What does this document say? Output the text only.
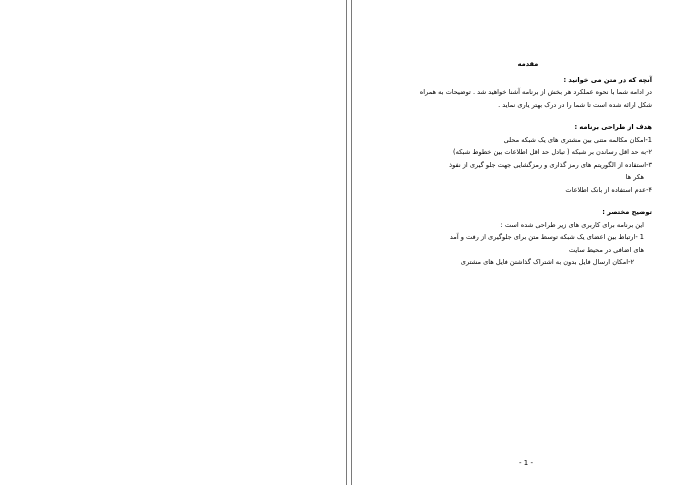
مقدمه

آنچه که در متن می خوانید :

در ادامه شما با نحوه عملکرد هر بخش از برنامه آشنا خواهید شد . توضیحات به همراه

شکل ارائه شده است تا شما را در درک بهتر یاری نماید .

هدف از طراحی برنامه :

1-امکان مکالمه متنی بین مشتری های یک شبکه محلی

۲-به حد اقل رساندن بر شبکه ( تبادل حد اقل اطلاعات بین خطوط شبکه)

۳-استفاده از الگوریتم های رمز گذاری و رمزگشایی جهت جلو گیری از نفوذ

هکر ها

۴-عدم استفاده از بانک اطلاعات

توضیح مختصر :

این برنامه برای کاربری های زیر طراحی شده است :

1 -ارتباط بین اعضای یک شبکه توسط متن برای جلوگیری از رفت و آمد

های اضافی در محیط سایت

۲-امکان ارسال فایل بدون به اشتراک گذاشتن فایل های مشتری

- 1 -
